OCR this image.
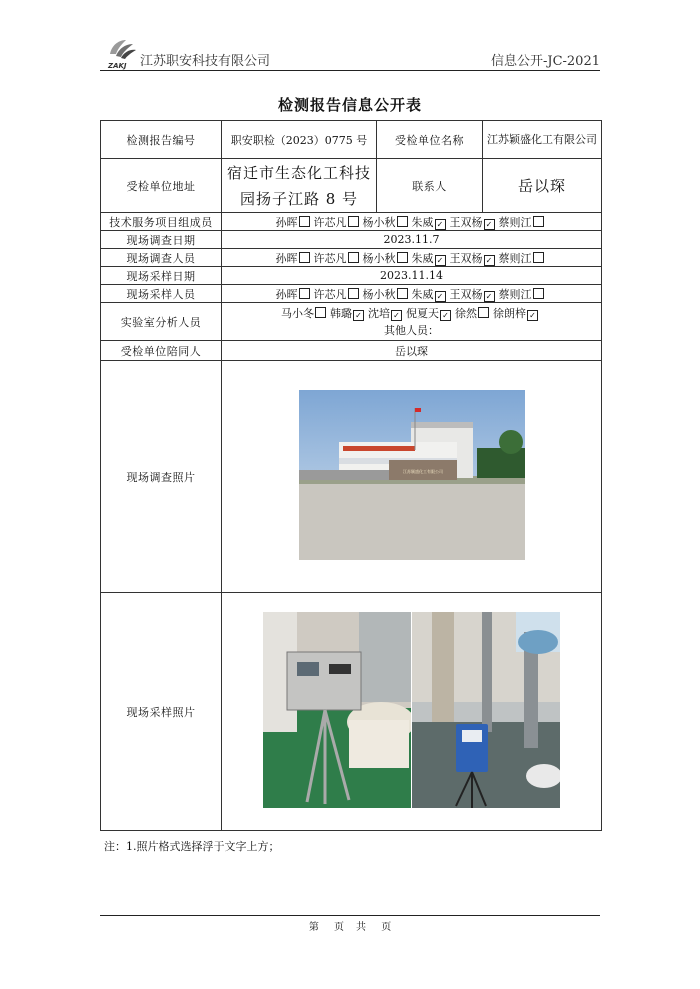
ZAKJ 江苏职安科技有限公司	信息公开-JC-2021
检测报告信息公开表
检测报告编号	职安职检（2023）0775 号	受检单位名称	江苏颖盛化工有限公司
受检单位地址	宿迁市生态化工科技园扬子江路 8 号	联系人	岳以琛
技术服务项目组成员	孙晖 许芯凡 杨小秋 朱威 ✓ 王双杨 ✓ 蔡则江		
现场调查日期	2023.11.7		
现场调查人员	孙晖 许芯凡 杨小秋 朱威 ✓ 王双杨 ✓ 蔡则江		
现场采样日期	2023.11.14		
现场采样人员	孙晖 许芯凡 杨小秋 朱威 ✓ 王双杨 ✓ 蔡则江		
实验室分析人员	马小冬 韩璐 ✓ 沈培 ✓ 倪夏天 ✓ 徐然 徐朗梓 ✓
其他人员：		

受检单位陪同人	岳以琛		
现场调查照片	江苏颖盛化工有限公司		

现场采样照片	
注：1.照片格式选择浮于文字上方；
第 页 共 页
